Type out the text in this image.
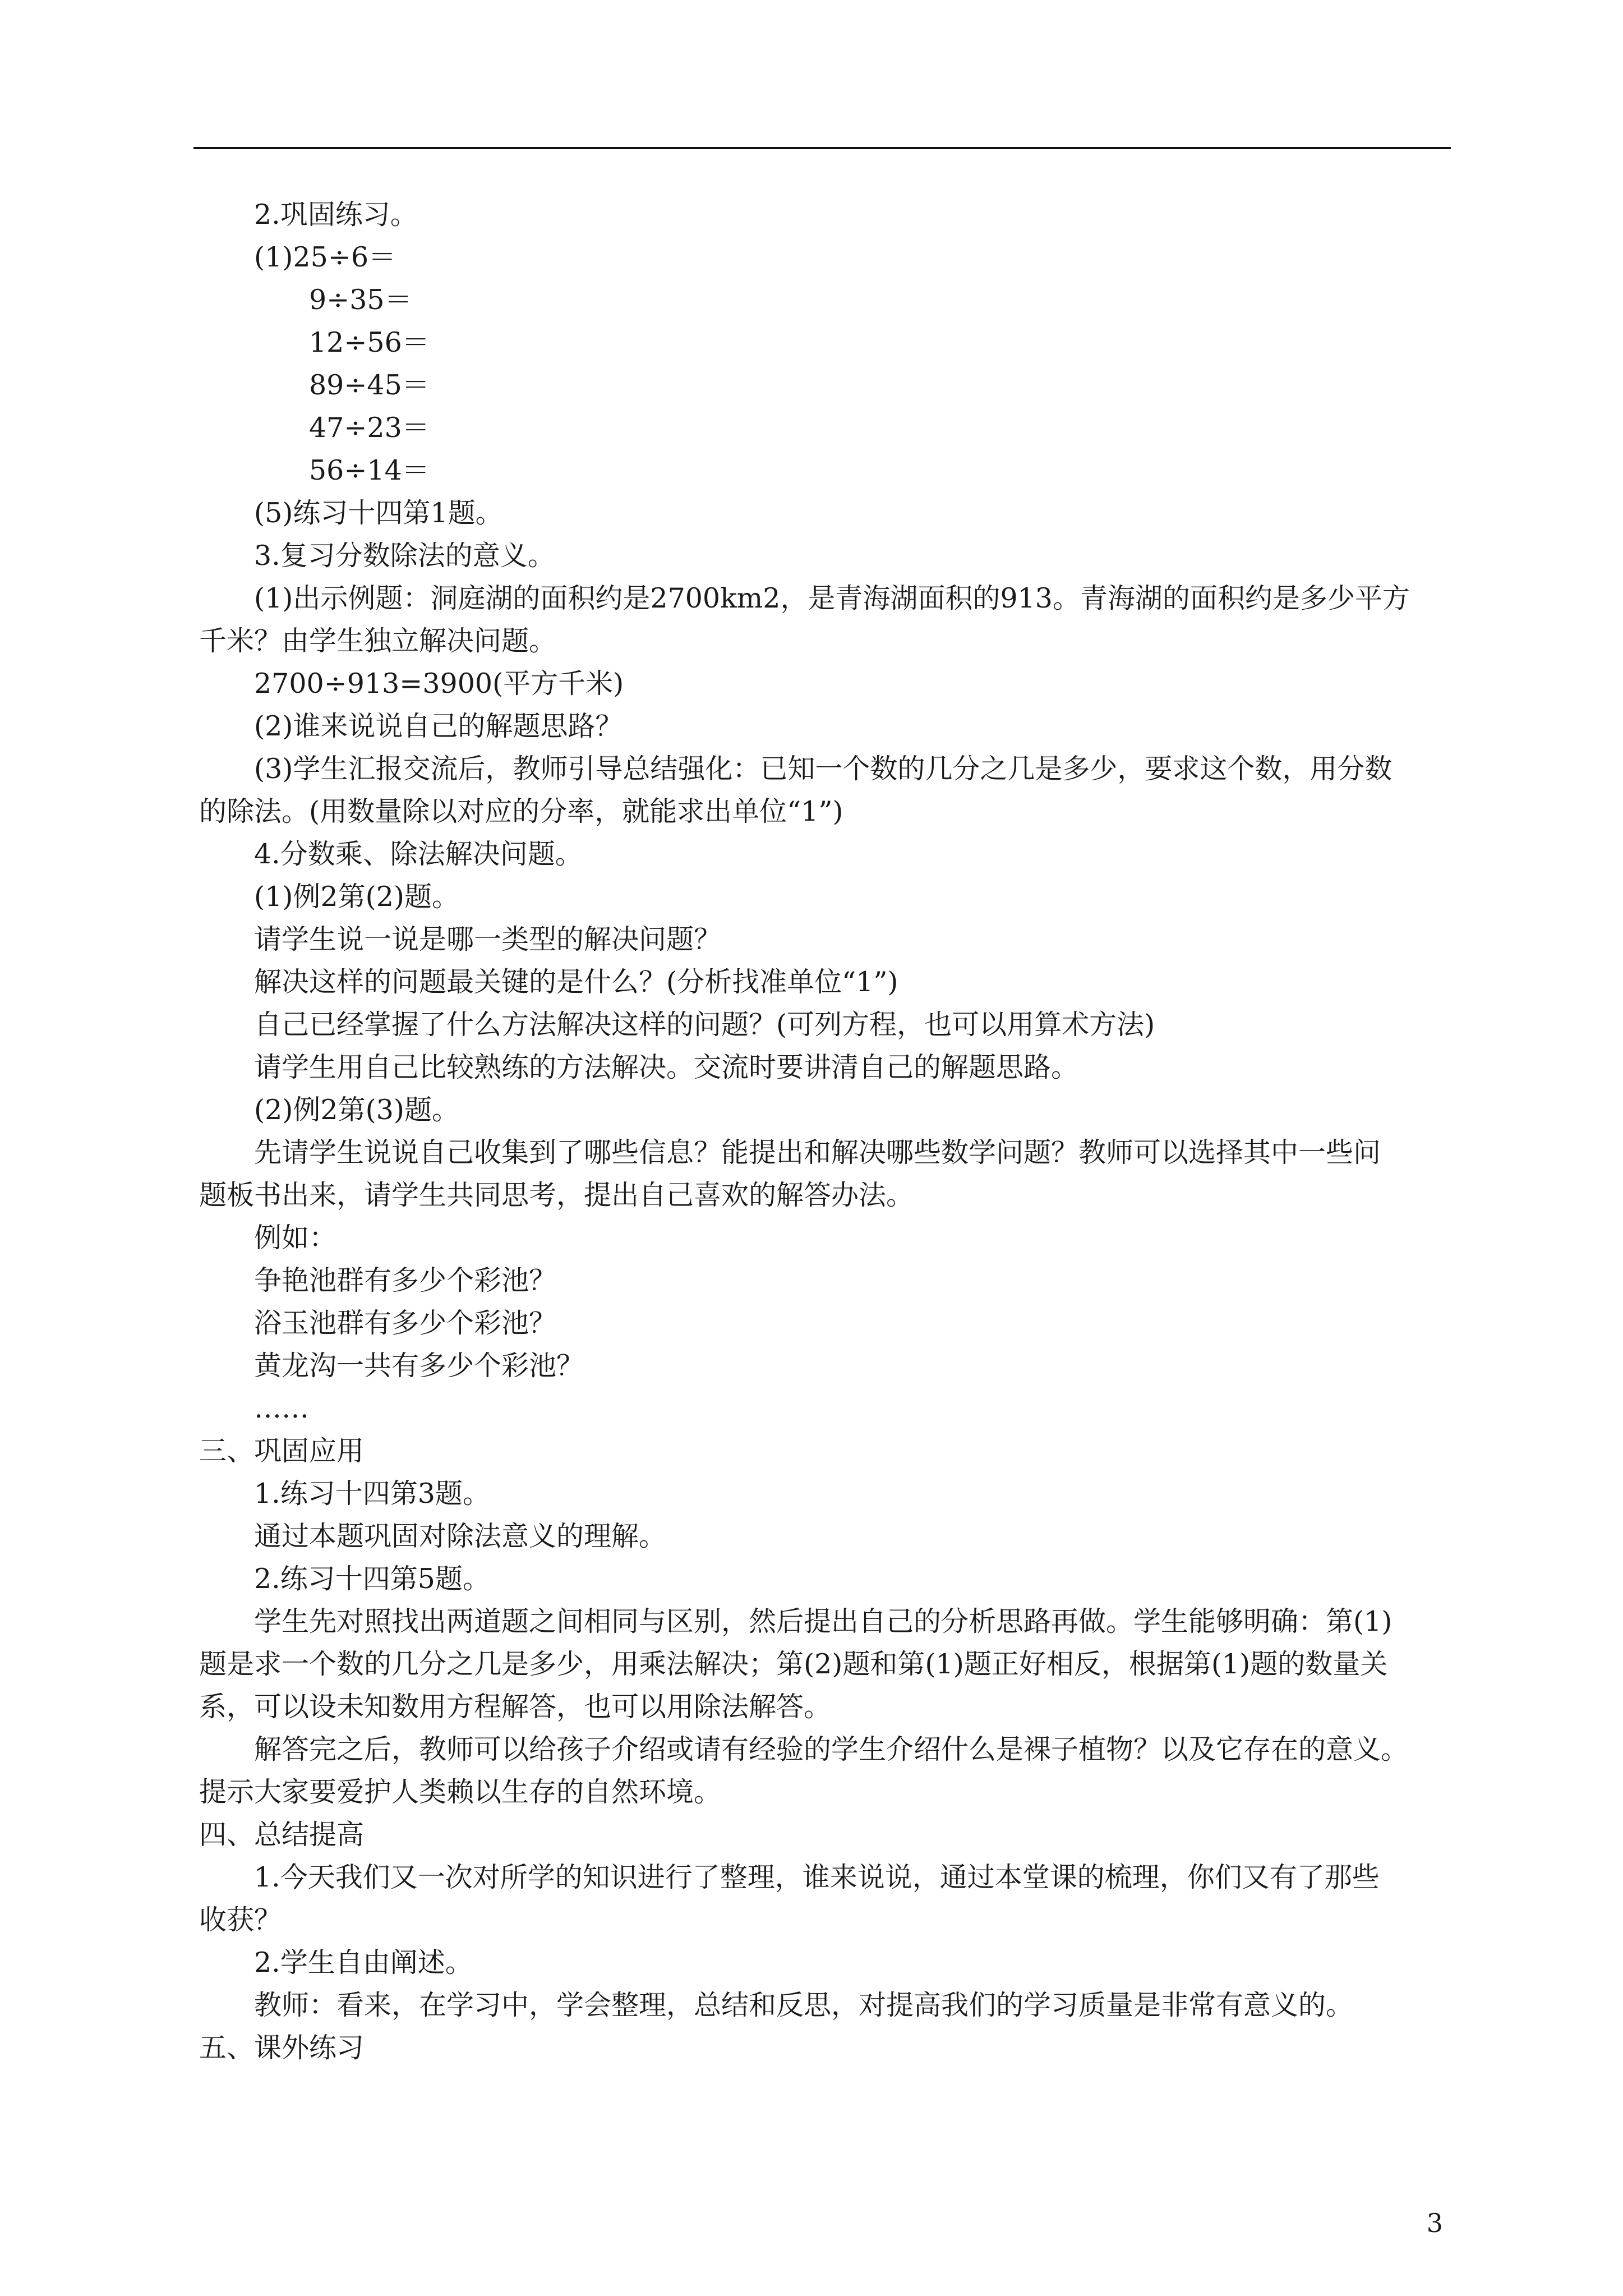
2.巩固练习。
(1)25÷6＝
9÷35＝
12÷56＝
89÷45＝
47÷23＝
56÷14＝
(5)练习十四第1题。
3.复习分数除法的意义。
(1)出示例题：洞庭湖的面积约是2700km2，是青海湖面积的913。青海湖的面积约是多少平方
千米？由学生独立解决问题。
2700÷913=3900(平方千米)
(2)谁来说说自己的解题思路？
(3)学生汇报交流后，教师引导总结强化：已知一个数的几分之几是多少，要求这个数，用分数
的除法。(用数量除以对应的分率，就能求出单位“1”)
4.分数乘、除法解决问题。
(1)例2第(2)题。
请学生说一说是哪一类型的解决问题？
解决这样的问题最关键的是什么？(分析找准单位“1”)
自己已经掌握了什么方法解决这样的问题？(可列方程，也可以用算术方法)
请学生用自己比较熟练的方法解决。交流时要讲清自己的解题思路。
(2)例2第(3)题。
先请学生说说自己收集到了哪些信息？能提出和解决哪些数学问题？教师可以选择其中一些问
题板书出来，请学生共同思考，提出自己喜欢的解答办法。
例如：
争艳池群有多少个彩池？
浴玉池群有多少个彩池？
黄龙沟一共有多少个彩池？
……
三、巩固应用
1.练习十四第3题。
通过本题巩固对除法意义的理解。
2.练习十四第5题。
学生先对照找出两道题之间相同与区别，然后提出自己的分析思路再做。学生能够明确：第(1)
题是求一个数的几分之几是多少，用乘法解决；第(2)题和第(1)题正好相反，根据第(1)题的数量关
系，可以设未知数用方程解答，也可以用除法解答。
解答完之后，教师可以给孩子介绍或请有经验的学生介绍什么是裸子植物？以及它存在的意义。
提示大家要爱护人类赖以生存的自然环境。
四、总结提高
1.今天我们又一次对所学的知识进行了整理，谁来说说，通过本堂课的梳理，你们又有了那些
收获？
2.学生自由阐述。
教师：看来，在学习中，学会整理，总结和反思，对提高我们的学习质量是非常有意义的。
五、课外练习
3
